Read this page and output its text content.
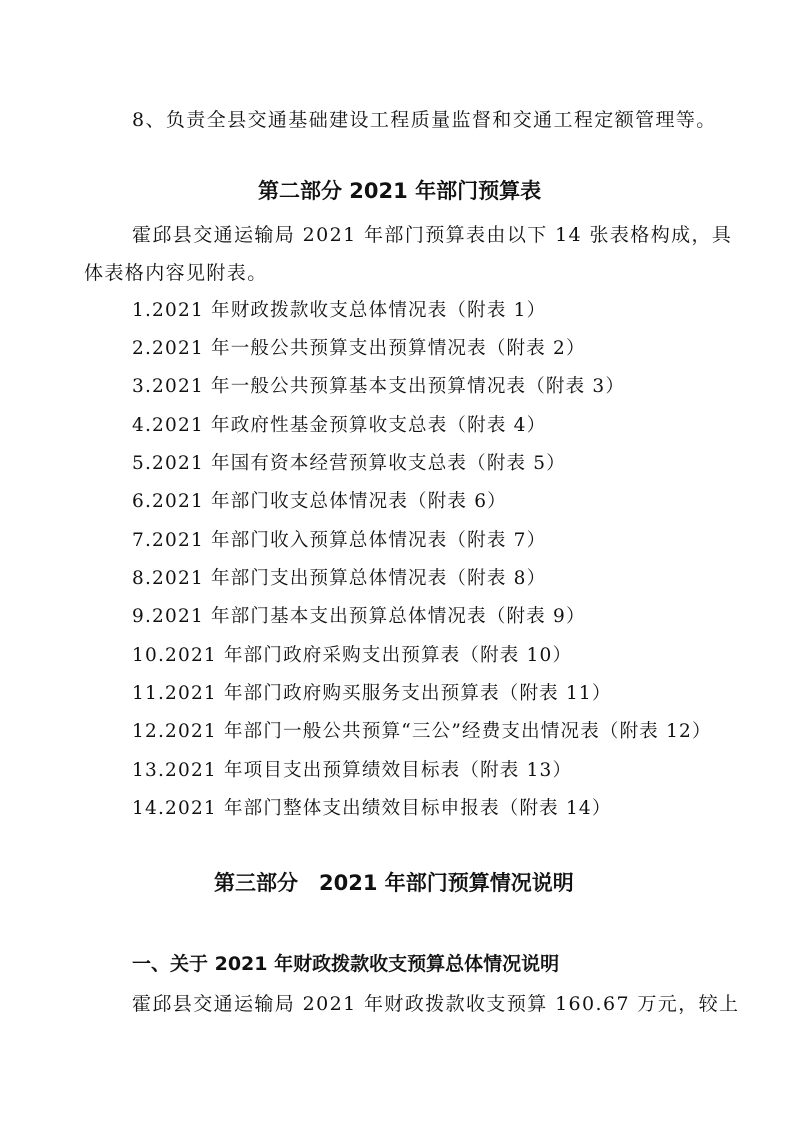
8、负责全县交通基础建设工程质量监督和交通工程定额管理等。
第二部分 2021 年部门预算表
霍邱县交通运输局 2021 年部门预算表由以下 14 张表格构成，具
体表格内容见附表。
1.2021 年财政拨款收支总体情况表（附表 1）
2.2021 年一般公共预算支出预算情况表（附表 2）
3.2021 年一般公共预算基本支出预算情况表（附表 3）
4.2021 年政府性基金预算收支总表（附表 4）
5.2021 年国有资本经营预算收支总表（附表 5）
6.2021 年部门收支总体情况表（附表 6）
7.2021 年部门收入预算总体情况表（附表 7）
8.2021 年部门支出预算总体情况表（附表 8）
9.2021 年部门基本支出预算总体情况表（附表 9）
10.2021 年部门政府采购支出预算表（附表 10）
11.2021 年部门政府购买服务支出预算表（附表 11）
12.2021 年部门一般公共预算“三公”经费支出情况表（附表 12）
13.2021 年项目支出预算绩效目标表（附表 13）
14.2021 年部门整体支出绩效目标申报表（附表 14）
第三部分　2021 年部门预算情况说明
一、关于 2021 年财政拨款收支预算总体情况说明
霍邱县交通运输局 2021 年财政拨款收支预算 160.67 万元，较上
